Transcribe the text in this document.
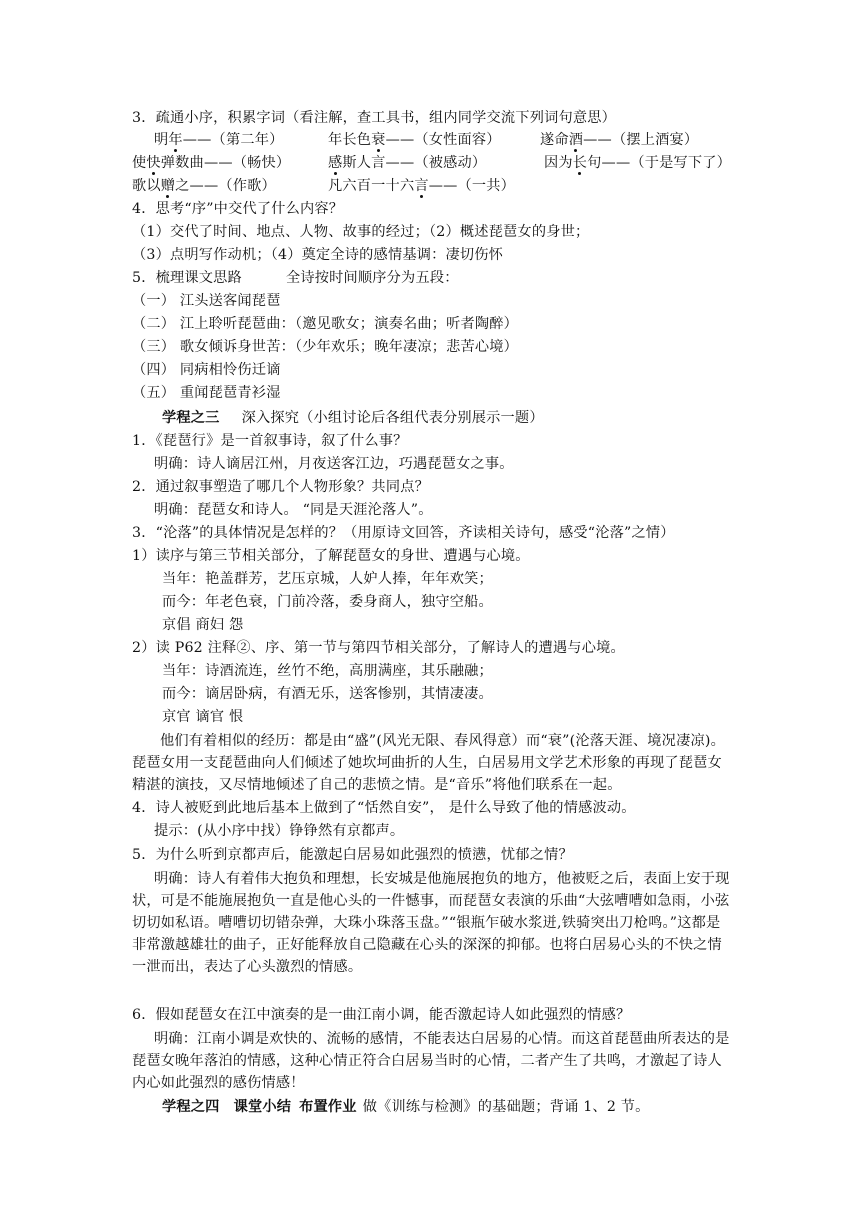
3．疏通小序，积累字词（看注解，查工具书，组内同学交流下列词句意思）
明年——（第二年）	年长色衰——（女性面容）	遂命酒——（摆上酒宴）
使快弹数曲——（畅快）	感斯人言——（被感动）	因为长句——（于是写下了）
歌以赠之——（作歌）	凡六百一十六言——（一共）
4．思考“序”中交代了什么内容？
（1）交代了时间、地点、人物、故事的经过；（2）概述琵琶女的身世；
（3）点明写作动机；（4）奠定全诗的感情基调：凄切伤怀
5．梳理课文思路	全诗按时间顺序分为五段：
（一） 江头送客闻琵琶
（二） 江上聆听琵琶曲：（邀见歌女；演奏名曲；听者陶醉）
（三） 歌女倾诉身世苦：（少年欢乐；晚年凄凉；悲苦心境）
（四） 同病相怜伤迁谪
（五） 重闻琵琶青衫湿
学程之三 深入探究（小组讨论后各组代表分别展示一题）
1．《琵琶行》是一首叙事诗，叙了什么事？
明确：诗人谪居江州，月夜送客江边，巧遇琵琶女之事。
2．通过叙事塑造了哪几个人物形象？共同点？
明确：琵琶女和诗人。 “同是天涯沦落人”。
3．“沦落”的具体情况是怎样的？（用原诗文回答，齐读相关诗句，感受“沦落”之情）
1）读序与第三节相关部分，了解琵琶女的身世、遭遇与心境。
当年：艳盖群芳，艺压京城，人妒人捧，年年欢笑；
而今：年老色衰，门前冷落，委身商人，独守空船。
京倡 商妇 怨
2）读 P62 注释②、序、第一节与第四节相关部分，了解诗人的遭遇与心境。
当年：诗酒流连，丝竹不绝，高朋满座，其乐融融；
而今：谪居卧病，有酒无乐，送客惨别，其情凄凄。
京官 谪官 恨
他们有着相似的经历：都是由“盛”(风光无限、春风得意）而“衰”(沦落天涯、境况凄凉)。琵琶女用一支琵琶曲向人们倾述了她坎坷曲折的人生，白居易用文学艺术形象的再现了琵琶女精湛的演技，又尽情地倾述了自己的悲愤之情。是“音乐”将他们联系在一起。
4．诗人被贬到此地后基本上做到了“恬然自安”， 是什么导致了他的情感波动。
提示：(从小序中找）铮铮然有京都声。
5．为什么听到京都声后，能激起白居易如此强烈的愤懑，忧郁之情？
明确：诗人有着伟大抱负和理想，长安城是他施展抱负的地方，他被贬之后，表面上安于现状，可是不能施展抱负一直是他心头的一件憾事，而琵琶女表演的乐曲“大弦嘈嘈如急雨，小弦切切如私语。嘈嘈切切错杂弹，大珠小珠落玉盘。”“银瓶乍破水浆迸,铁骑突出刀枪鸣。”这都是非常激越雄壮的曲子，正好能释放自己隐藏在心头的深深的抑郁。也将白居易心头的不快之情一泄而出，表达了心头激烈的情感。
6．假如琵琶女在江中演奏的是一曲江南小调，能否激起诗人如此强烈的情感？
明确：江南小调是欢快的、流畅的感情，不能表达白居易的心情。而这首琵琶曲所表达的是琵琶女晚年落泊的情感，这种心情正符合白居易当时的心情，二者产生了共鸣，才激起了诗人内心如此强烈的感伤情感！
学程之四 课堂小结 布置作业 做《训练与检测》的基础题；背诵 1、2 节。
